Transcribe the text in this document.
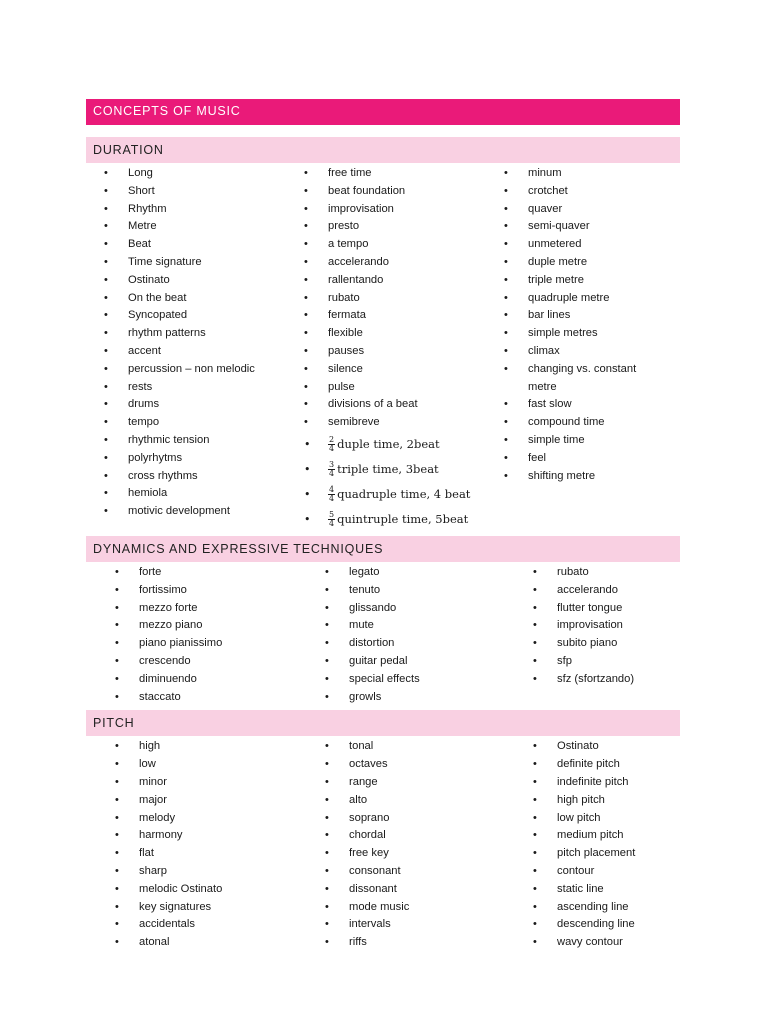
CONCEPTS OF MUSIC
DURATION
• Long
• Short
• Rhythm
• Metre
• Beat
• Time signature
• Ostinato
• On the beat
• Syncopated
• rhythm patterns
• accent
• percussion – non melodic
• rests
• drums
• tempo
• rhythmic tension
• polyrhytms
• cross rhythms
• hemiola
• motivic development
• free time
• beat foundation
• improvisation
• presto
• a tempo
• accelerando
• rallentando
• rubato
• fermata
• flexible
• pauses
• silence
• pulse
• divisions of a beat
• semibreve
• $\frac{2}{4}$ duple time, 2beat
• $\frac{3}{4}$ triple time, 3beat
• $\frac{4}{4}$ quadruple time, 4 beat
• $\frac{5}{4}$ quintruple time, 5beat
• minum
• crotchet
• quaver
• semi-quaver
• unmetered
• duple metre
• triple metre
• quadruple metre
• bar lines
• simple metres
• climax
• changing vs. constant metre
• fast slow
• compound time
• simple time
• feel
• shifting metre
DYNAMICS AND EXPRESSIVE TECHNIQUES
• forte
• fortissimo
• mezzo forte
• mezzo piano
• piano pianissimo
• crescendo
• diminuendo
• staccato
• legato
• tenuto
• glissando
• mute
• distortion
• guitar pedal
• special effects
• growls
• rubato
• accelerando
• flutter tongue
• improvisation
• subito piano
• sfp
• sfz (sfortzando)
PITCH
• high
• low
• minor
• major
• melody
• harmony
• flat
• sharp
• melodic Ostinato
• key signatures
• accidentals
• atonal
• tonal
• octaves
• range
• alto
• soprano
• chordal
• free key
• consonant
• dissonant
• mode music
• intervals
• riffs
• Ostinato
• definite pitch
• indefinite pitch
• high pitch
• low pitch
• medium pitch
• pitch placement
• contour
• static line
• ascending line
• descending line
• wavy contour
